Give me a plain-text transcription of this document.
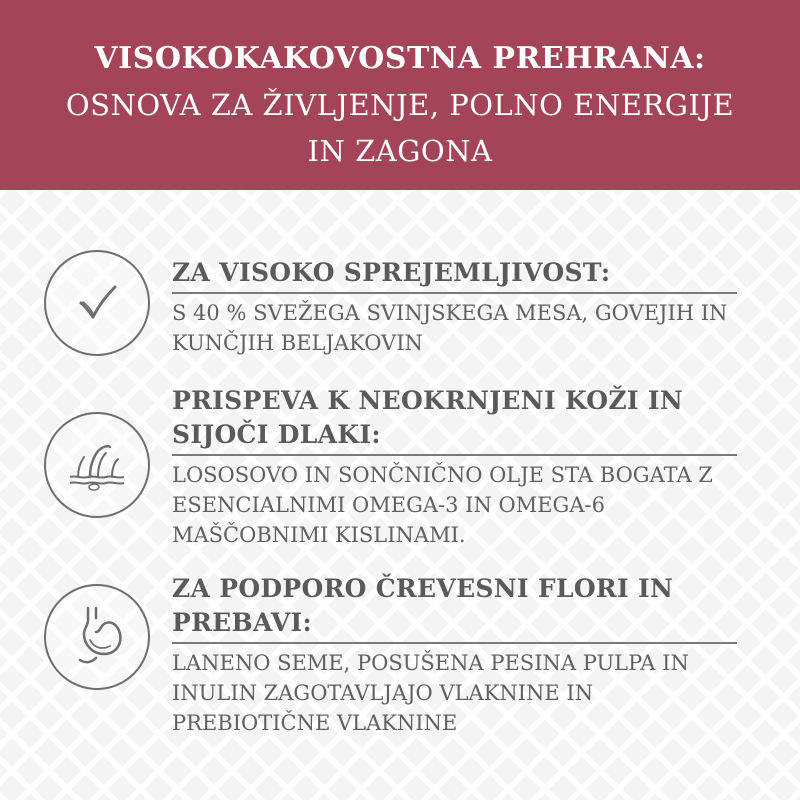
VISOKOKAKOVOSTNA PREHRANA:
OSNOVA ZA ŽIVLJENJE, POLNO ENERGIJE
IN ZAGONA
ZA VISOKO SPREJEMLJIVOST:
S 40 % SVEŽEGA SVINJSKEGA MESA, GOVEJIH IN KUNČJIH BELJAKOVIN
PRISPEVA K NEOKRNJENI KOŽI IN SIJOČI DLAKI:
LOSOSOVO IN SONČNIČNO OLJE STA BOGATA Z ESENCIALNIMI OMEGA-3 IN OMEGA-6 MAŠČOBNIMI KISLINAMI.
ZA PODPORO ČREVESNI FLORI IN PREBAVI:
LANENO SEME, POSUŠENA PESINA PULPA IN INULIN ZAGOTAVLJAJO VLAKNINE IN PREBIOTIČNE VLAKNINE
